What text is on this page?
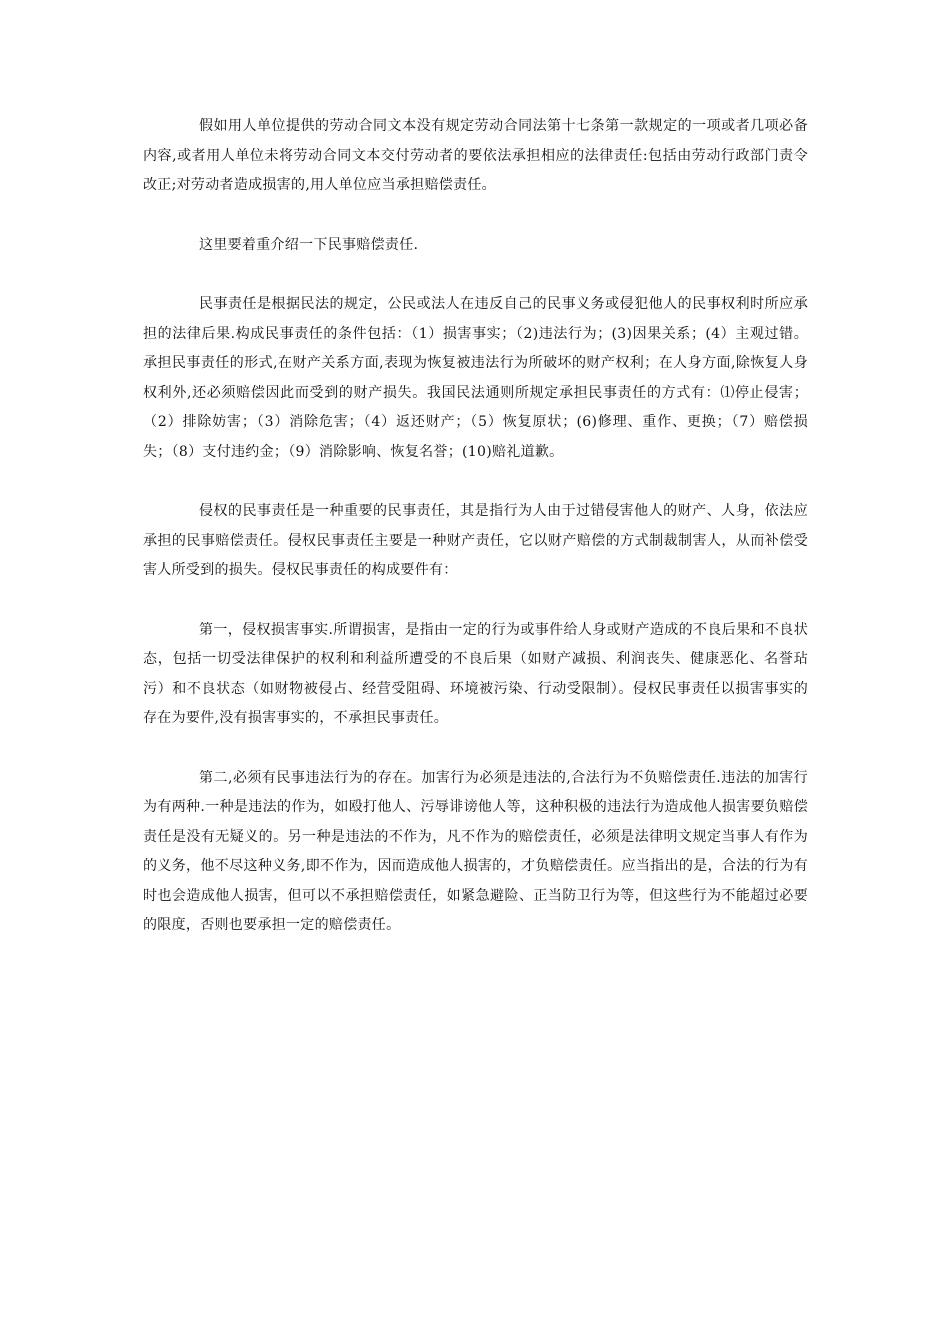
假如用人单位提供的劳动合同文本没有规定劳动合同法第十七条第一款规定的一项或者几项必备内容,或者用人单位未将劳动合同文本交付劳动者的要依法承担相应的法律责任:包括由劳动行政部门责令改正;对劳动者造成损害的,用人单位应当承担赔偿责任。

这里要着重介绍一下民事赔偿责任.

民事责任是根据民法的规定，公民或法人在违反自己的民事义务或侵犯他人的民事权利时所应承担的法律后果.构成民事责任的条件包括：（1）损害事实；（2)违法行为；(3)因果关系；(4）主观过错。承担民事责任的形式,在财产关系方面,表现为恢复被违法行为所破坏的财产权利；在人身方面,除恢复人身权利外,还必须赔偿因此而受到的财产损失。我国民法通则所规定承担民事责任的方式有：⑴停止侵害；（2）排除妨害；（3）消除危害；（4）返还财产；（5）恢复原状；(6)修理、重作、更换；（7）赔偿损失；（8）支付违约金；（9）消除影响、恢复名誉；(10)赔礼道歉。

侵权的民事责任是一种重要的民事责任，其是指行为人由于过错侵害他人的财产、人身，依法应承担的民事赔偿责任。侵权民事责任主要是一种财产责任，它以财产赔偿的方式制裁制害人，从而补偿受害人所受到的损失。侵权民事责任的构成要件有：

第一，侵权损害事实.所谓损害，是指由一定的行为或事件给人身或财产造成的不良后果和不良状态，包括一切受法律保护的权利和利益所遭受的不良后果（如财产减损、利润丧失、健康恶化、名誉玷污）和不良状态（如财物被侵占、经营受阻碍、环境被污染、行动受限制）。侵权民事责任以损害事实的存在为要件,没有损害事实的，不承担民事责任。

第二,必须有民事违法行为的存在。加害行为必须是违法的,合法行为不负赔偿责任.违法的加害行为有两种.一种是违法的作为，如殴打他人、污辱诽谤他人等，这种积极的违法行为造成他人损害要负赔偿责任是没有无疑义的。另一种是违法的不作为，凡不作为的赔偿责任，必须是法律明文规定当事人有作为的义务，他不尽这种义务,即不作为，因而造成他人损害的，才负赔偿责任。应当指出的是，合法的行为有时也会造成他人损害，但可以不承担赔偿责任，如紧急避险、正当防卫行为等，但这些行为不能超过必要的限度，否则也要承担一定的赔偿责任。
